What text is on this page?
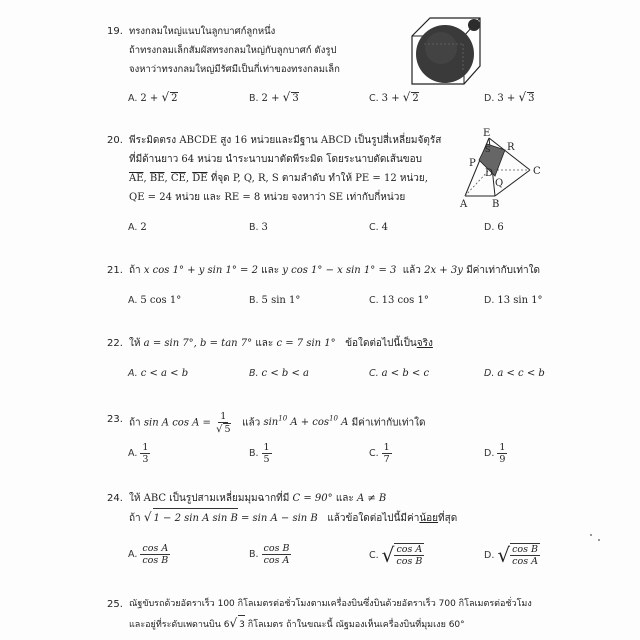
19. ทรงกลมใหญ่แนบในลูกบาศก์ลูกหนึ่ง
ถ้าทรงกลมเล็กสัมผัสทรงกลมใหญ่กับลูกบาศก์ ดังรูป
จงหาว่าทรงกลมใหญ่มีรัศมีเป็นกี่เท่าของทรงกลมเล็ก
A. 2 + √ 2	B. 2 + √ 3	C. 3 + √ 2	D. 3 + √ 3
20. พีระมิดตรง ABCDE สูง 16 หน่วยและมีฐาน ABCD เป็นรูปสี่เหลี่ยมจัตุรัส
ที่มีด้านยาว 64 หน่วย นำระนาบมาตัดพีระมิด โดยระนาบตัดเส้นขอบ
$\overline{AE}$, $\overline{BE}$, $\overline{CE}$, $\overline{DE}$ ที่จุด P, Q, R, S ตามลำดับ ทำให้ PE = 12 หน่วย,
QE = 24 หน่วย และ RE = 8 หน่วย จงหาว่า SE เท่ากับกี่หน่วย
A. 2	B. 3	C. 4	D. 6
E
R
P
S
D
Q
C
A B
21. ถ้า x cos 1° + y sin 1° = 2 และ y cos 1° − x sin 1° = 3 แล้ว 2x + 3y มีค่าเท่ากับเท่าใด
A. 5 cos 1°	B. 5 sin 1°	C. 13 cos 1°	D. 13 sin 1°
22. ให้ a = sin 7°, b = tan 7° และ c = 7 sin 1° ข้อใดต่อไปนี้เป็นจริง
A. c < a < b	B. c < b < a	C. a < b < c	D. a < c < b
23. ถ้า sin A $\cos A = \frac{1}{√ 5}$ แล้ว $\sin^{10} A + \cos^{10} A$ มีค่าเท่ากับเท่าใด
A. $\frac{1}{3}$	B. $\frac{1}{5}$	C. $\frac{1}{7}$	D. $\frac{1}{9}$
24. ให้ ABC เป็นรูปสามเหลี่ยมมุมฉากที่มี C = 90° และ A ≠ B
ถ้า √ 1 − 2 sin A sin B = sin A − sin B แล้วข้อใดต่อไปนี้มีค่าน้อยที่สุด
A. $\frac{\text{cos A}}{\text{cos B}}$	B. $\frac{\text{cos B}}{\text{cos A}}$	C. √ $\frac{\text{cos A}}{\text{cos B}}$	D. √ $\frac{\text{cos B}}{\text{cos A}}$
25. ณัฐขับรถด้วยอัตราเร็ว 100 กิโลเมตรต่อชั่วโมงตามเครื่องบินซึ่งบินด้วยอัตราเร็ว 700 กิโลเมตรต่อชั่วโมง
และอยู่ที่ระดับเพดานบิน 6√ 3 กิโลเมตร ถ้าในขณะนี้ ณัฐมองเห็นเครื่องบินที่มุมเงย 60°
